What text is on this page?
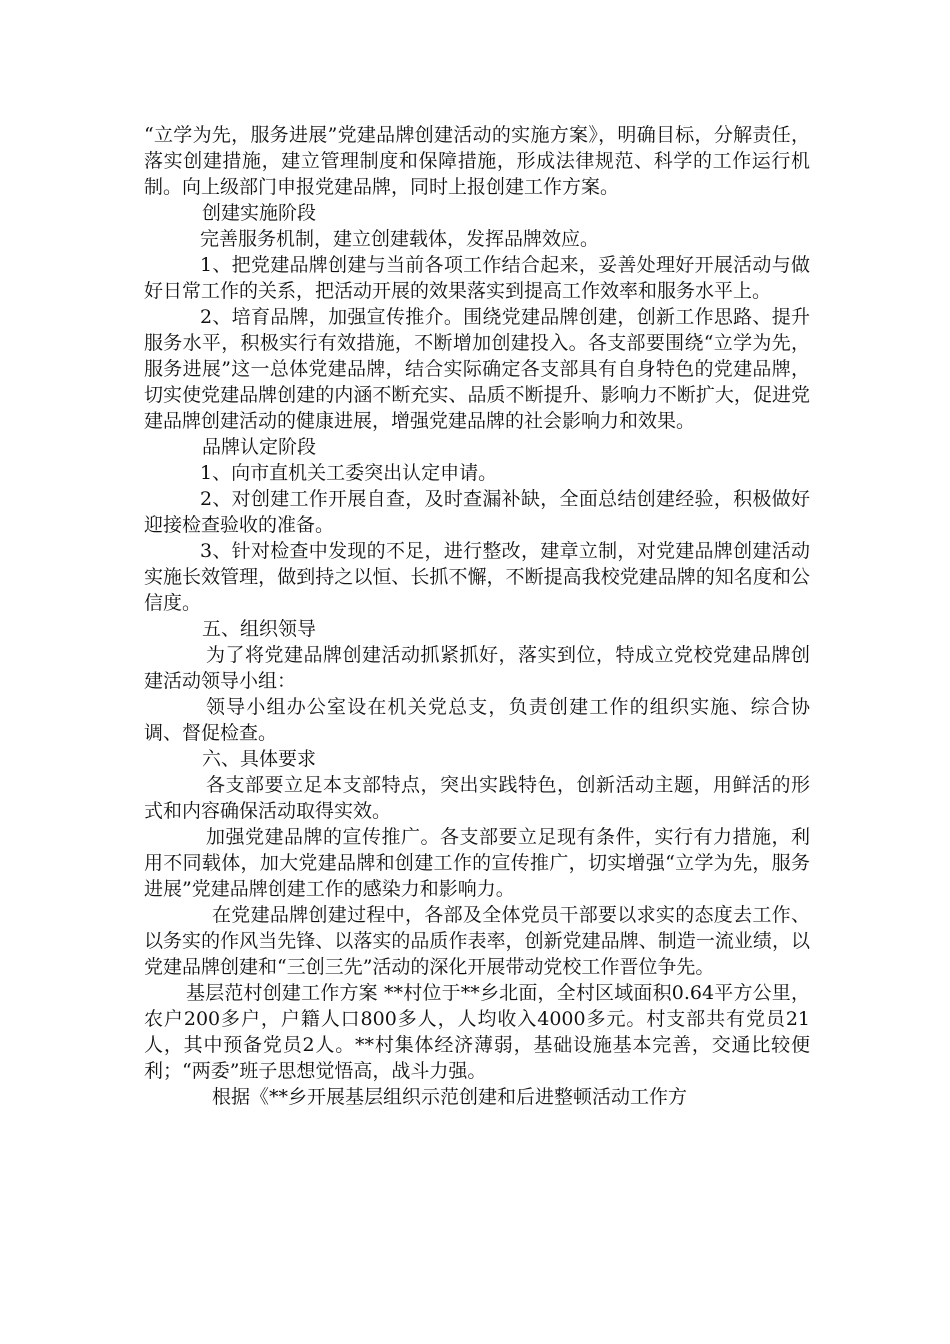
“立学为先，服务进展”党建品牌创建活动的实施方案》，明确目标，分解责任，落实创建措施，建立管理制度和保障措施，形成法律规范、科学的工作运行机制。向上级部门申报党建品牌，同时上报创建工作方案。

创建实施阶段

完善服务机制，建立创建载体，发挥品牌效应。

1、把党建品牌创建与当前各项工作结合起来，妥善处理好开展活动与做好日常工作的关系，把活动开展的效果落实到提高工作效率和服务水平上。

2、培育品牌，加强宣传推介。围绕党建品牌创建，创新工作思路、提升服务水平，积极实行有效措施，不断增加创建投入。各支部要围绕“立学为先，服务进展”这一总体党建品牌，结合实际确定各支部具有自身特色的党建品牌，切实使党建品牌创建的内涵不断充实、品质不断提升、影响力不断扩大，促进党建品牌创建活动的健康进展，增强党建品牌的社会影响力和效果。

品牌认定阶段

1、向市直机关工委突出认定申请。

2、对创建工作开展自查，及时查漏补缺，全面总结创建经验，积极做好迎接检查验收的准备。

3、针对检查中发现的不足，进行整改，建章立制，对党建品牌创建活动实施长效管理，做到持之以恒、长抓不懈，不断提高我校党建品牌的知名度和公信度。

五、组织领导

为了将党建品牌创建活动抓紧抓好，落实到位，特成立党校党建品牌创建活动领导小组：

领导小组办公室设在机关党总支，负责创建工作的组织实施、综合协调、督促检查。

六、具体要求

各支部要立足本支部特点，突出实践特色，创新活动主题，用鲜活的形式和内容确保活动取得实效。

加强党建品牌的宣传推广。各支部要立足现有条件，实行有力措施，利用不同载体，加大党建品牌和创建工作的宣传推广，切实增强“立学为先，服务进展”党建品牌创建工作的感染力和影响力。

在党建品牌创建过程中，各部及全体党员干部要以求实的态度去工作、以务实的作风当先锋、以落实的品质作表率，创新党建品牌、制造一流业绩，以党建品牌创建和“三创三先”活动的深化开展带动党校工作晋位争先。

基层范村创建工作方案 **村位于**乡北面，全村区域面积0.64平方公里，农户200多户，户籍人口800多人，人均收入4000多元。村支部共有党员21人，其中预备党员2人。**村集体经济薄弱，基础设施基本完善，交通比较便利；“两委”班子思想觉悟高，战斗力强。

根据《**乡开展基层组织示范创建和后进整顿活动工作方
